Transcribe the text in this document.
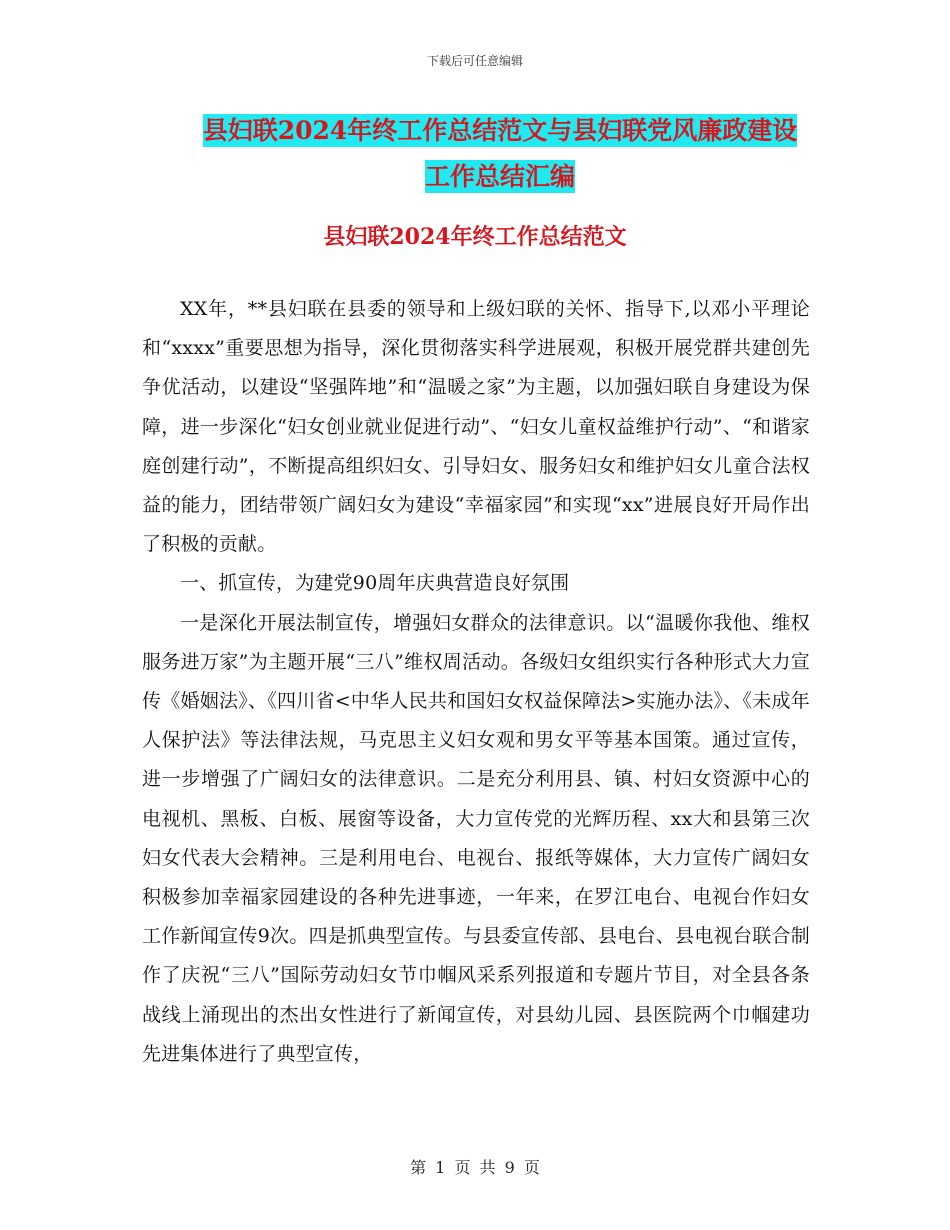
下载后可任意编辑
县妇联2024年终工作总结范文与县妇联党风廉政建设
工作总结汇编
县妇联2024年终工作总结范文

XX年，**县妇联在县委的领导和上级妇联的关怀、指导下,以邓小平理论和“xxxx”重要思想为指导，深化贯彻落实科学进展观，积极开展党群共建创先争优活动，以建设“坚强阵地”和“温暖之家”为主题，以加强妇联自身建设为保障，进一步深化“妇女创业就业促进行动”、“妇女儿童权益维护行动”、“和谐家庭创建行动”，不断提高组织妇女、引导妇女、服务妇女和维护妇女儿童合法权益的能力，团结带领广阔妇女为建设“幸福家园”和实现“xx”进展良好开局作出了积极的贡献。

一、抓宣传，为建党90周年庆典营造良好氛围

一是深化开展法制宣传，增强妇女群众的法律意识。以“温暖你我他、维权服务进万家”为主题开展“三八”维权周活动。各级妇女组织实行各种形式大力宣传《婚姻法》、《四川省<中华人民共和国妇女权益保障法>实施办法》、《未成年人保护法》等法律法规，马克思主义妇女观和男女平等基本国策。通过宣传，进一步增强了广阔妇女的法律意识。二是充分利用县、镇、村妇女资源中心的电视机、黑板、白板、展窗等设备，大力宣传党的光辉历程、xx大和县第三次妇女代表大会精神。三是利用电台、电视台、报纸等媒体，大力宣传广阔妇女积极参加幸福家园建设的各种先进事迹，一年来，在罗江电台、电视台作妇女工作新闻宣传9次。四是抓典型宣传。与县委宣传部、县电台、县电视台联合制作了庆祝“三八”国际劳动妇女节巾帼风采系列报道和专题片节目，对全县各条战线上涌现出的杰出女性进行了新闻宣传，对县幼儿园、县医院两个巾帼建功先进集体进行了典型宣传，

第 1 页 共 9 页
